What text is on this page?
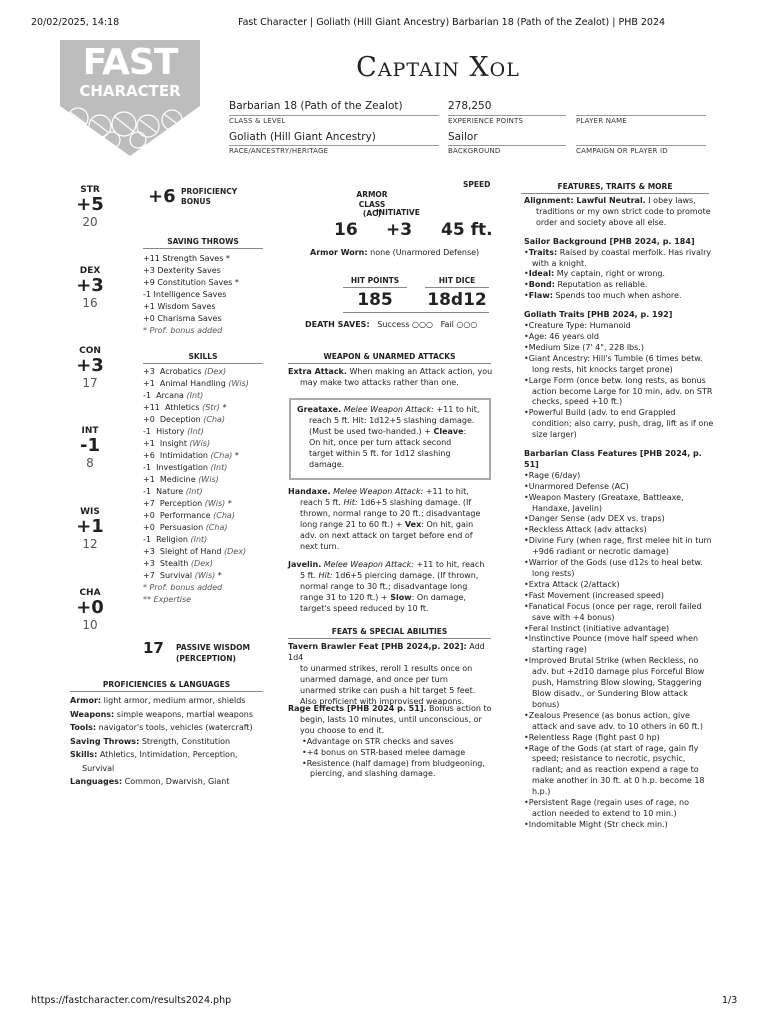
20/02/2025, 14:18	Fast Character | Goliath (Hill Giant Ancestry) Barbarian 18 (Path of the Zealot) | PHB 2024
https://fastcharacter.com/results2024.php	1/3
FAST
CHARACTER
Captain Xol
Barbarian 18 (Path of the Zealot)
CLASS & LEVEL
278,250
EXPERIENCE POINTS	PLAYER NAME
Goliath (Hill Giant Ancestry)
RACE/ANCESTRY/HERITAGE
Sailor
BACKGROUND	CAMPAIGN OR PLAYER ID
STR
+5
20
DEX
+3
16
CON
+3
17
INT
-1
8
WIS
+1
12
CHA
+0
10
+6 PROFICIENCY
BONUS
SAVING THROWS
+11 Strength Saves *
+3 Dexterity Saves
+9 Constitution Saves *
-1 Intelligence Saves
+1 Wisdom Saves
+0 Charisma Saves
* Prof. bonus added
SKILLS
+3 Acrobatics (Dex)
+1 Animal Handling (Wis)
-1 Arcana (Int)
+11 Athletics (Str) *
+0 Deception (Cha)
-1 History (Int)
+1 Insight (Wis)
+6 Intimidation (Cha) *
-1 Investigation (Int)
+1 Medicine (Wis)
-1 Nature (Int)
+7 Perception (Wis) *
+0 Performance (Cha)
+0 Persuasion (Cha)
-1 Religion (Int)
+3 Sleight of Hand (Dex)
+3 Stealth (Dex)
+7 Survival (Wis) *
* Prof. bonus added
** Expertise
17 PASSIVE WISDOM
(PERCEPTION)
PROFICIENCIES & LANGUAGES
Armor: light armor, medium armor, shields
Weapons: simple weapons, martial weapons
Tools: navigator's tools, vehicles (watercraft)
Saving Throws: Strength, Constitution
Skills: Athletics, Intimidation, Perception,
Survival
Languages: Common, Dwarvish, Giant
SPEED
ARMOR
CLASS
(AC)
INITIATIVE
16 +3 45 ft.
Armor Worn: none (Unarmored Defense)
HIT POINTS	HIT DICE
185	18d12
DEATH SAVES: Success ○○○ Fail ○○○
WEAPON & UNARMED ATTACKS
Extra Attack. When making an Attack action, you
may make two attacks rather than one.
Greataxe. Melee Weapon Attack: +11 to hit,
reach 5 ft. Hit: 1d12+5 slashing damage.
(Must be used two-handed.) + Cleave:
On hit, once per turn attack second
target within 5 ft. for 1d12 slashing
damage.
Handaxe. Melee Weapon Attack: +11 to hit,
reach 5 ft. Hit: 1d6+5 slashing damage. (If
thrown, normal range to 20 ft.; disadvantage
long range 21 to 60 ft.) + Vex: On hit, gain
adv. on next attack on target before end of
next turn.
Javelin. Melee Weapon Attack: +11 to hit, reach
5 ft. Hit: 1d6+5 piercing damage. (If thrown,
normal range to 30 ft.; disadvantage long
range 31 to 120 ft.) + Slow: On damage,
target's speed reduced by 10 ft.
FEATS & SPECIAL ABILITIES
Tavern Brawler Feat [PHB 2024,p. 202]: Add 1d4
to unarmed strikes, reroll 1 results once on
unarmed damage, and once per turn
unarmed strike can push a hit target 5 feet.
Also proficient with improvised weapons.
Rage Effects [PHB 2024 p. 51]. Bonus action to
begin, lasts 10 minutes, until unconscious, or
you choose to end it.
• Advantage on STR checks and saves
• +4 bonus on STR-based melee damage
• Resistence (half damage) from bludgeoning, piercing, and slashing damage.
FEATURES, TRAITS & MORE
Alignment: Lawful Neutral. I obey laws, traditions or my own strict code to promote order and society above all else.
Sailor Background [PHB 2024, p. 184]
• Traits: Raised by coastal merfolk. Has rivalry with a knight.
• Ideal: My captain, right or wrong.
• Bond: Reputation as reliable.
• Flaw: Spends too much when ashore.
Goliath Traits [PHB 2024, p. 192]
• Creature Type: Humanoid
• Age: 46 years old
• Medium Size (7' 4", 228 lbs.)
• Giant Ancestry: Hill's Tumble (6 times betw. long rests, hit knocks target prone)
• Large Form (once betw. long rests, as bonus action become Large for 10 min, adv. on STR checks, speed +10 ft.)
• Powerful Build (adv. to end Grappled condition; also carry, push, drag, lift as if one size larger)
Barbarian Class Features [PHB 2024, p. 51]
• Rage (6/day)
• Unarmored Defense (AC)
• Weapon Mastery (Greataxe, Battleaxe, Handaxe, Javelin)
• Danger Sense (adv DEX vs. traps)
• Reckless Attack (adv attacks)
• Divine Fury (when rage, first melee hit in turn +9d6 radiant or necrotic damage)
• Warrior of the Gods (use d12s to heal betw. long rests)
• Extra Attack (2/attack)
• Fast Movement (increased speed)
• Fanatical Focus (once per rage, reroll failed save with +4 bonus)
• Feral Instinct (initiative advantage)
• Instinctive Pounce (move half speed when starting rage)
• Improved Brutal Strike (when Reckless, no adv. but +2d10 damage plus Forceful Blow push, Hamstring Blow slowing, Staggering Blow disadv., or Sundering Blow attack bonus)
• Zealous Presence (as bonus action, give attack and save adv. to 10 others in 60 ft.)
• Relentless Rage (fight past 0 hp)
• Rage of the Gods (at start of rage, gain fly speed; resistance to necrotic, psychic, radiant; and as reaction expend a rage to make another in 30 ft. at 0 h.p. become 18 h.p.)
• Persistent Rage (regain uses of rage, no action needed to extend to 10 min.)
• Indomitable Might (Str check min.)
